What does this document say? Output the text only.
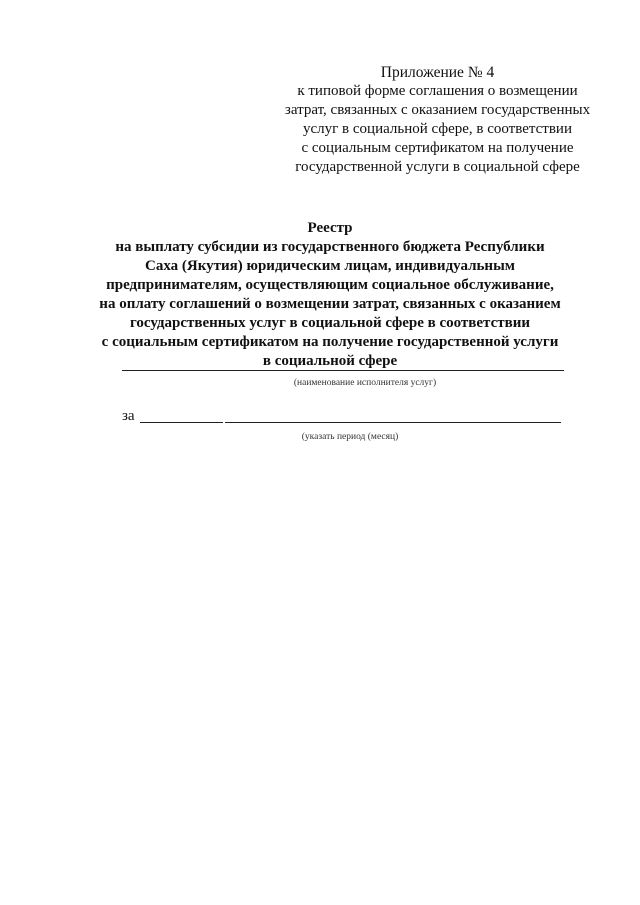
Приложение № 4
к типовой форме соглашения о возмещении
затрат, связанных с оказанием государственных
услуг в социальной сфере, в соответствии
с социальным сертификатом на получение
государственной услуги в социальной сфере
Реестр
на выплату субсидии из государственного бюджета Республики
Саха (Якутия) юридическим лицам, индивидуальным
предпринимателям, осуществляющим социальное обслуживание,
на оплату соглашений о возмещении затрат, связанных с оказанием
государственных услуг в социальной сфере в соответствии
с социальным сертификатом на получение государственной услуги
в социальной сфере
(наименование исполнителя услуг)
за
(указать период (месяц)
